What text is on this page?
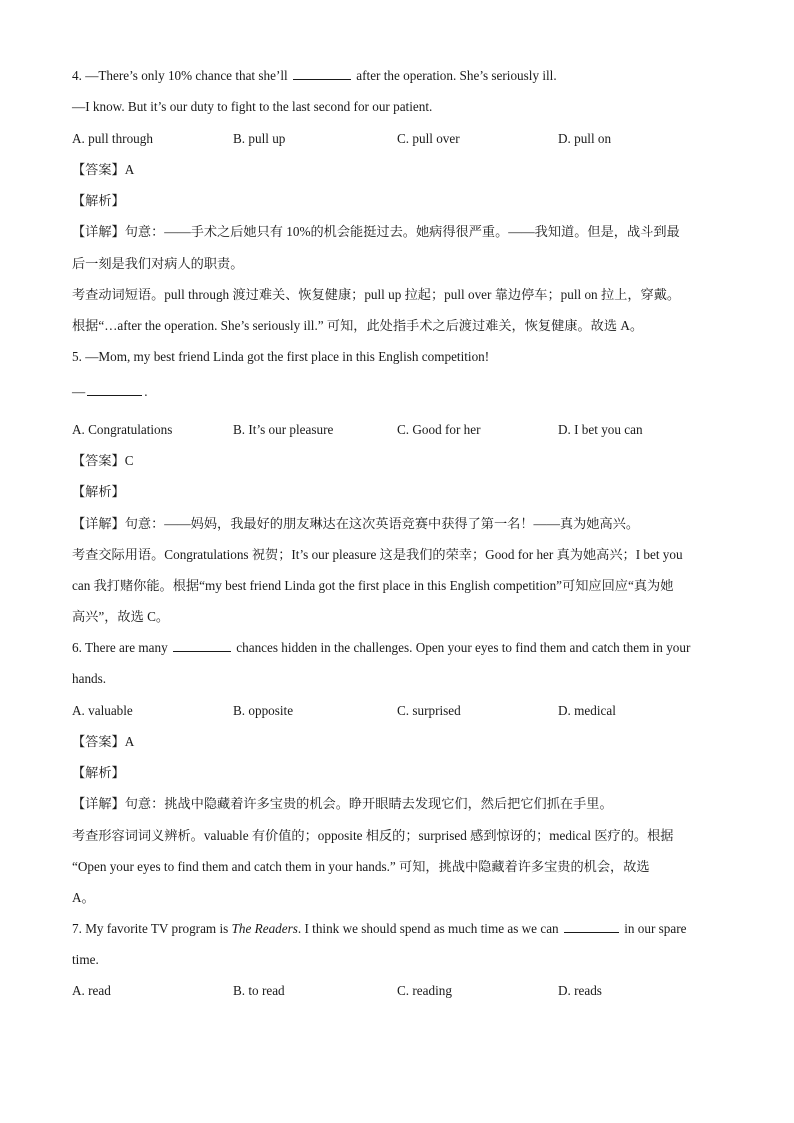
4. —There’s only 10% chance that she’ll	after the operation. She’s seriously ill.
—I know. But it’s our duty to fight to the last second for our patient.
A. pull through	B. pull up	C. pull over	D. pull on
【答案】A
【解析】
【详解】句意：——手术之后她只有 10%的机会能挺过去。她病得很严重。——我知道。但是，战斗到最
后一刻是我们对病人的职责。
考查动词短语。pull through 渡过难关、恢复健康；pull up 拉起；pull over 靠边停车；pull on 拉上，穿戴。
根据“…after the operation. She’s seriously ill.” 可知，此处指手术之后渡过难关，恢复健康。故选 A。
5. —Mom, my best friend Linda got the first place in this English competition!
—	.
A. Congratulations	B. It’s our pleasure	C. Good for her	D. I bet you can
【答案】C
【解析】
【详解】句意：——妈妈，我最好的朋友琳达在这次英语竞赛中获得了第一名！——真为她高兴。
考查交际用语。Congratulations 祝贺；It’s our pleasure 这是我们的荣幸；Good for her 真为她高兴；I bet you
can 我打赌你能。根据“my best friend Linda got the first place in this English competition”可知应回应“真为她
高兴”，故选 C。
6. There are many	chances hidden in the challenges. Open your eyes to find them and catch them in your
hands.
A. valuable	B. opposite	C. surprised	D. medical
【答案】A
【解析】
【详解】句意：挑战中隐藏着许多宝贵的机会。睁开眼睛去发现它们，然后把它们抓在手里。
考查形容词词义辨析。valuable 有价值的；opposite 相反的；surprised 感到惊讶的；medical 医疗的。根据
“Open your eyes to find them and catch them in your hands.” 可知，挑战中隐藏着许多宝贵的机会，故选
A。
7. My favorite TV program is The Readers. I think we should spend as much time as we can	in our spare
time.
A. read	B. to read	C. reading	D. reads
